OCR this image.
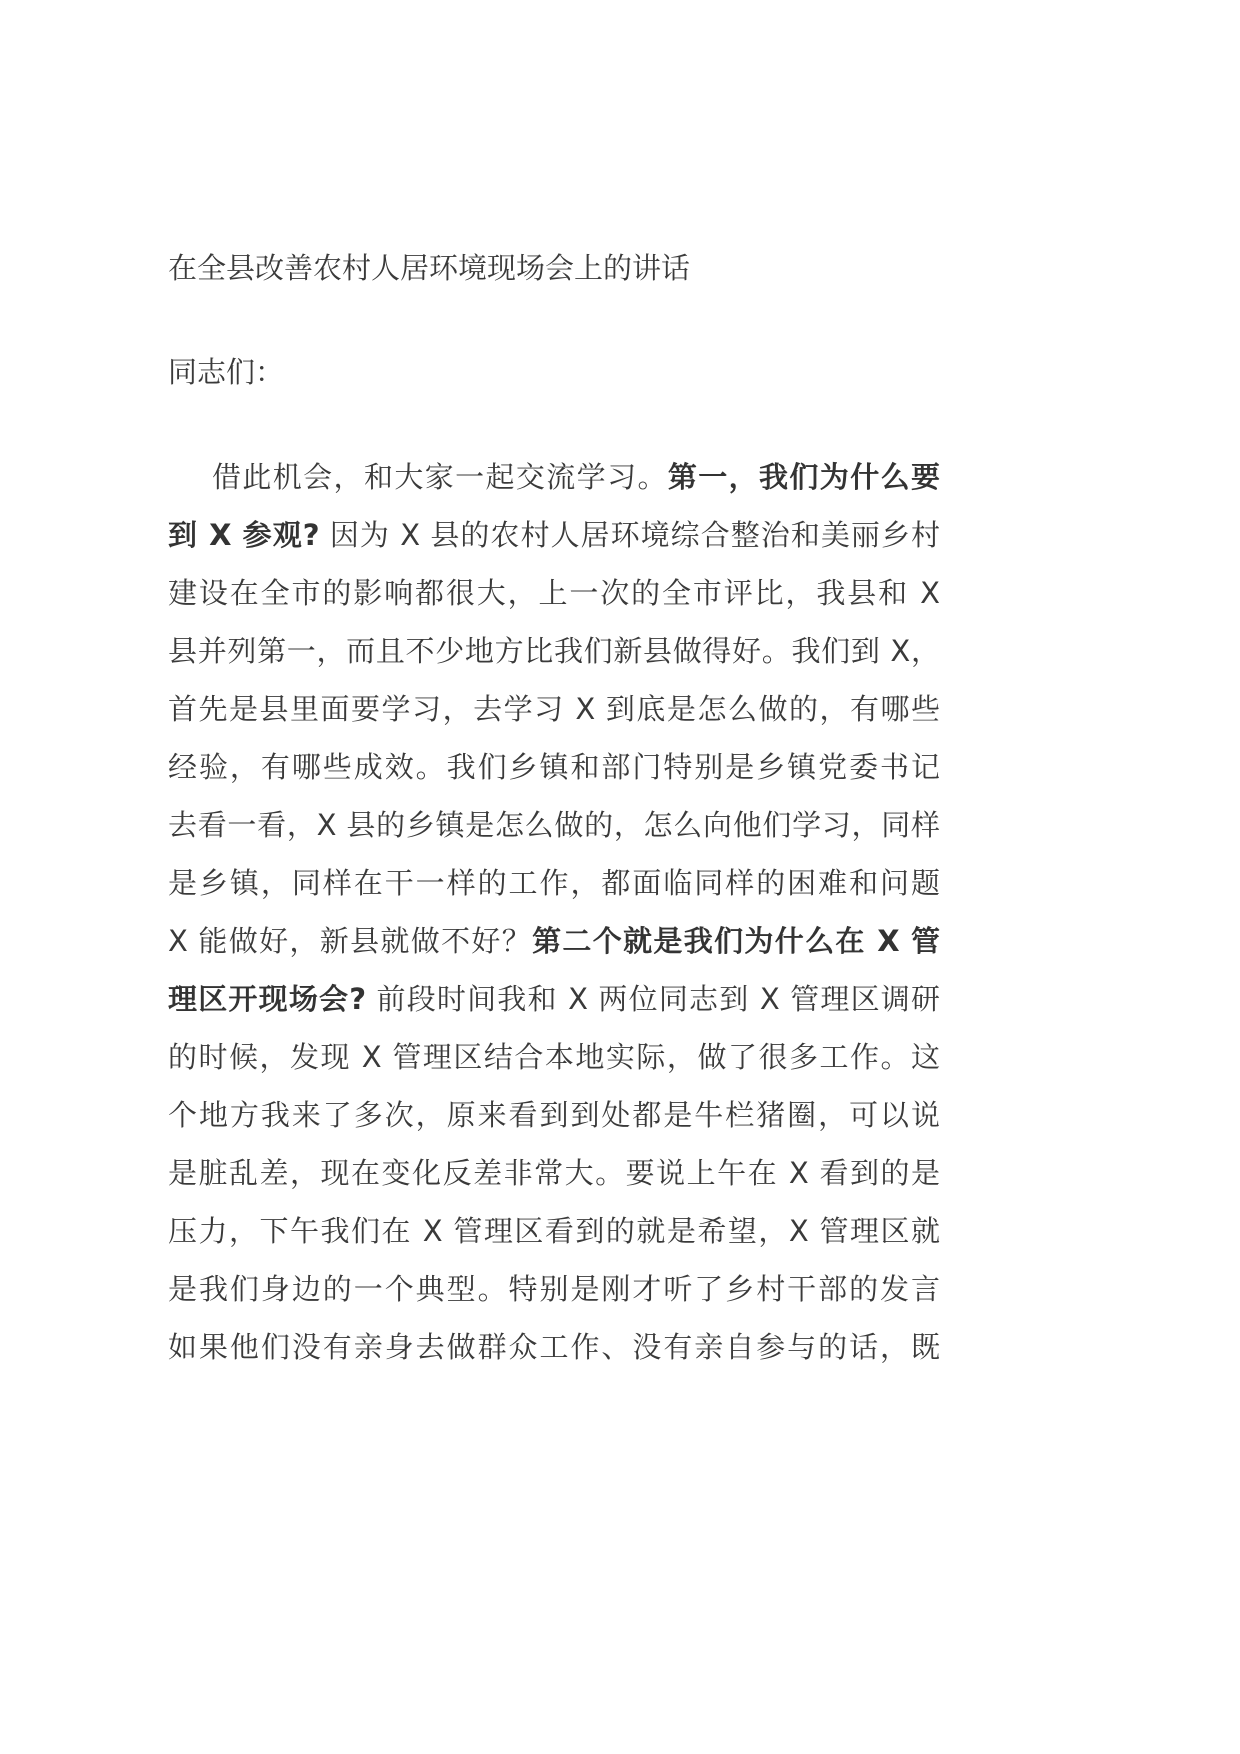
在全县改善农村人居环境现场会上的讲话
同志们：
借此机会，和大家一起交流学习。第一，我们为什么要
到 X 参观? 因为 X 县的农村人居环境综合整治和美丽乡村
建设在全市的影响都很大，上一次的全市评比，我县和 X
县并列第一，而且不少地方比我们新县做得好。我们到 X，
首先是县里面要学习，去学习 X 到底是怎么做的，有哪些
经验，有哪些成效。我们乡镇和部门特别是乡镇党委书记
去看一看，X 县的乡镇是怎么做的，怎么向他们学习，同样
是乡镇，同样在干一样的工作，都面临同样的困难和问题
X 能做好，新县就做不好？第二个就是我们为什么在 X 管
理区开现场会? 前段时间我和 X 两位同志到 X 管理区调研
的时候，发现 X 管理区结合本地实际，做了很多工作。这
个地方我来了多次，原来看到到处都是牛栏猪圈，可以说
是脏乱差，现在变化反差非常大。要说上午在 X 看到的是
压力，下午我们在 X 管理区看到的就是希望，X 管理区就
是我们身边的一个典型。特别是刚才听了乡村干部的发言
如果他们没有亲身去做群众工作、没有亲自参与的话，既
